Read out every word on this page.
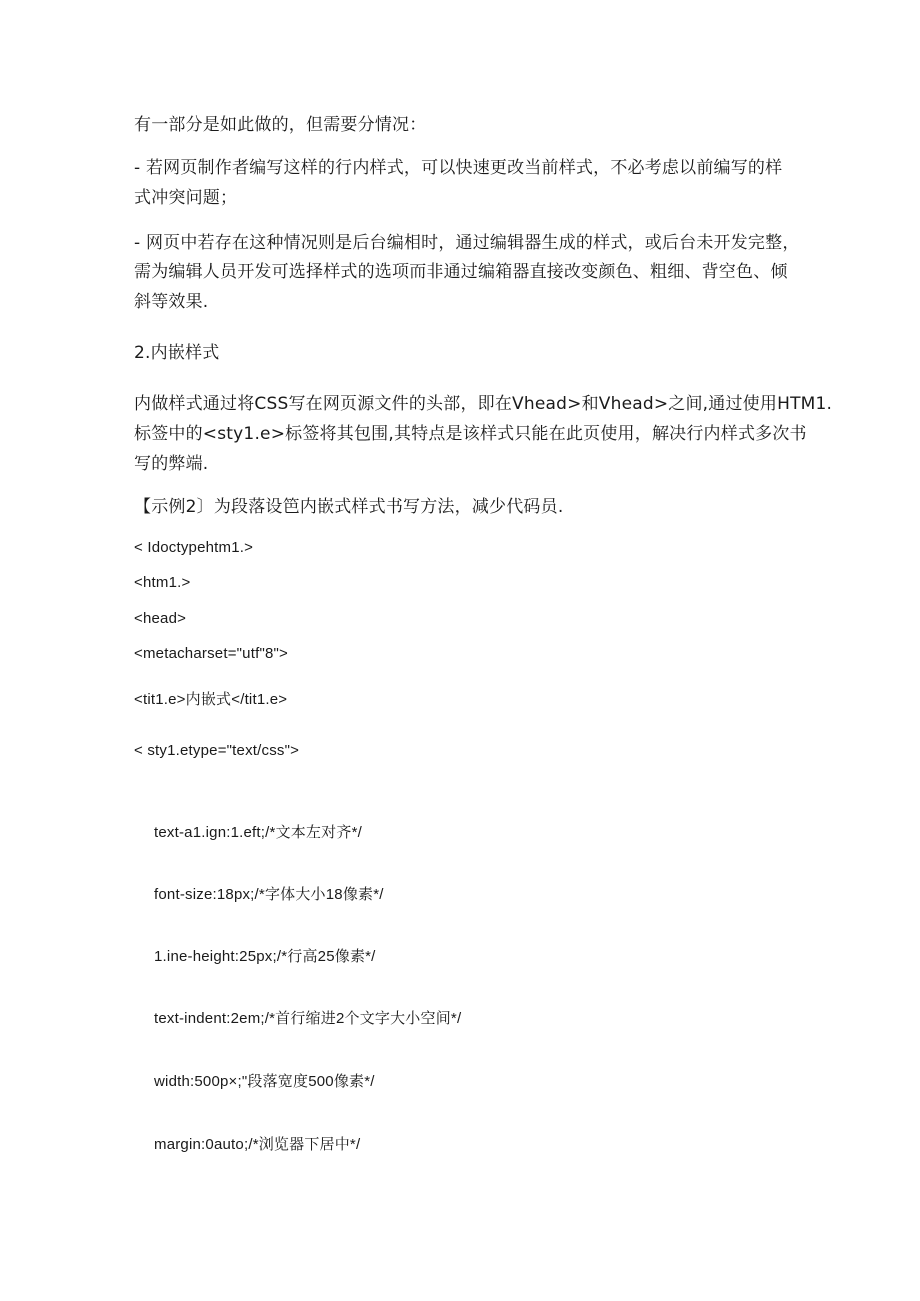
有一部分是如此做的，但需要分情况：
- 若网页制作者编写这样的行内样式，可以快速更改当前样式，不必考虑以前编写的样
式冲突问题；
- 网页中若存在这种情况则是后台编相时，通过编辑器生成的样式，或后台未开发完整，
需为编辑人员开发可选择样式的选项而非通过编箱器直接改变颜色、粗细、背空色、倾
斜等效果.
2.内嵌样式
内做样式通过将CSS写在网页源文件的头部，即在Vhead>和Vhead>之间,通过使用HTM1.
标签中的<sty1.e>标签将其包围,其特点是该样式只能在此页使用，解决行内样式多次书
写的弊端.
【示例2〕为段落设笆内嵌式样式书写方法，减少代码员.
< Idoctypehtm1.>
<htm1.>
<head>
<metacharset="utf"8">
<tit1.e>内嵌式</tit1.e>
< sty1.etype="text/css">
text-a1.ign:1.eft;/*文本左对齐*/
font-size:18px;/*字体大小18像素*/
1.ine-height:25px;/*行高25像素*/
text-indent:2em;/*首行缩进2个文字大小空间*/
width:500p×;"段落宽度500像素*/
margin:0auto;/*浏览器下居中*/
